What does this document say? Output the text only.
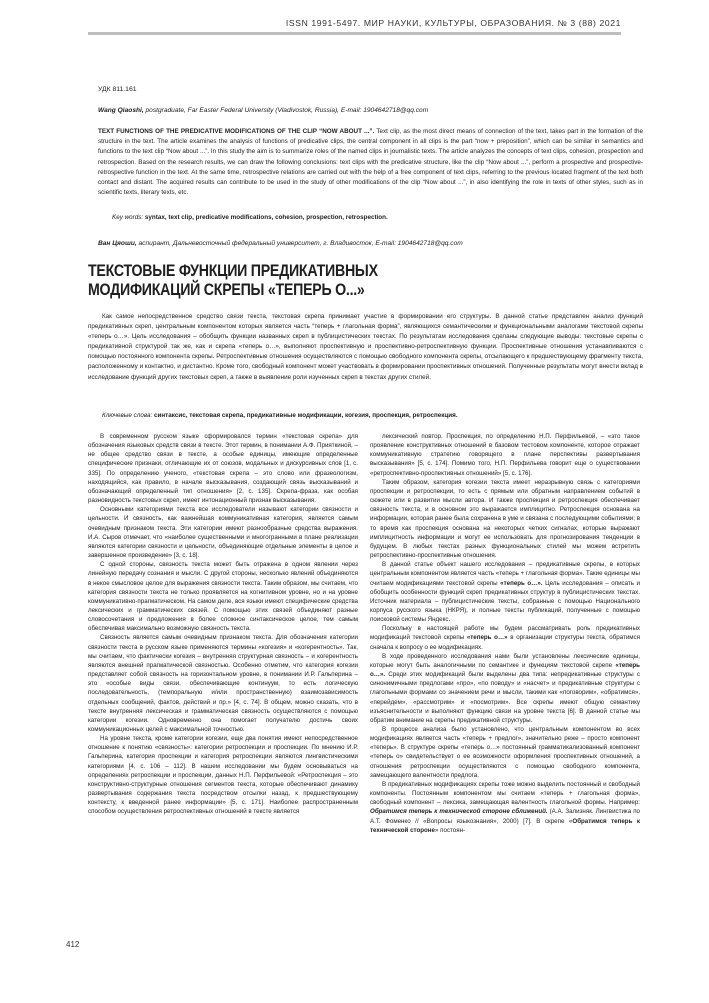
ISSN 1991-5497. МИР НАУКИ, КУЛЬТУРЫ, ОБРАЗОВАНИЯ. № 3 (88) 2021
УДК 811.161
Wang Qiaoshi, postgraduate, Far Easter Federal University (Vladivostok, Russia), E-mail: 1904642718@qq.com

TEXT FUNCTIONS OF THE PREDICATIVE MODIFICATIONS OF THE CLIP “NOW ABOUT ...”. Text clip, as the most direct means of connection of the text, takes part in the formation of the structure in the text. The article examines the analysis of functions of predicative clips, the central component in all clips is the part “now + preposition”, which can be similar in semantics and functions to the text clip “Now about ...”. In this study the aim is to summarize roles of the named clips in journalistic texts. The article analyzes the concepts of text clips, cohesion, prospection and retrospection. Based on the research results, we can draw the following conclusions: text clips with the predicative structure, like the clip “Now about ...”, perform a prospective and prospective-retrospective function in the text. At the same time, retrospective relations are carried out with the help of a free component of text clips, referring to the previous located fragment of the text both contact and distant. The acquired results can contribute to be used in the study of other modifications of the clip “Now about ...”, in also identifying the role in texts of other styles, such as in scientific texts, literary texts, etc.

Key words: syntax, text clip, predicative modifications, cohesion, prospection, retrospection.
Ван Цяоши, аспирант, Дальневосточный федеральный университет, г. Владивосток, E-mail: 1904642718@qq.com
ТЕКСТОВЫЕ ФУНКЦИИ ПРЕДИКАТИВНЫХ
МОДИФИКАЦИЙ СКРЕПЫ «ТЕПЕРЬ О...»

Как самое непосредственное средство связи текста, текстовая скрепа принимает участие в формировании его структуры. В данной статье представлен анализ функций предикативных скреп, центральным компонентом которых является часть “теперь + глагольная форма”, являющихся семантическими и функциональными аналогами текстовой скрепы «теперь о…». Цель исследования – обобщить функции названных скреп в публицистических текстах. По результатам исследования сделаны следующие выводы: текстовые скрепы с предикативной структурой так же, как и скрепа «теперь о…», выполняют проспективную и проспективно-ретроспективную функции. Проспективные отношения устанавливаются с помощью постоянного компонента скрепы. Ретроспективные отношения осуществляются с помощью свободного компонента скрепы, отсылающего к предшествующему фрагменту текста, расположенному и контактно, и дистантно. Кроме того, свободный компонент может участвовать в формировании проспективных отношений. Полученные результаты могут внести вклад в исследование функций других текстовых скреп, а также в выявление роли изученных скреп в текстах других стилей.

Ключевые слова: синтаксис, текстовая скрепа, предикативные модификации, когезия, проспекция, ретроспекция.

В современном русском языке сформировался термин «текстовая скрепа» для обозначения языковых средств связи в тексте. Этот термин, в понимании А.Ф. Прияткиной, – не общее средство связи в тексте, а особые единицы, имеющие определенные специфические признаки, отличающие их от союзов, модальных и дискурсивных слов [1, с. 335]. По определению ученого, «текстовая скрепа – это слово или фразеологизм, находящийся, как правило, в начале высказывания, создающий связь высказываний и обозначающий определенный тип отношения» [2, с. 135]. Скрепа-фраза, как особая разновидность текстовых скреп, имеет интонационный признак высказывания.

Основными категориями текста все исследователи называют категории связности и цельности. И связность, как важнейшая коммуникативная категория, является самым очевидным признаком текста. Эти категории имеют разнообразные средства выражения. И.А. Сыров отмечает, что «наиболее существенными и многогранными в плане реализации являются категории связности и цельности, объединяющие отдельные элементы в целое и завершенное произведение» [3, с. 18].

С одной стороны, связность текста может быть отражена в одном явлении через линейную передачу сознания и мысли. С другой стороны, несколько явлений объединяются в некое смысловое целое для выражения связности текста. Таким образом, мы считаем, что категория связности текста не только проявляется на когнитивном уровне, но и на уровне коммуникативно-прагматическом. На самом деле, вся языки имеют специфические средства лексических и грамматических связей. С помощью этих связей объединяют разные словосочетания и предложения в более сложное синтаксическое целое, тем самым обеспечивая максимально возможную связность текста.

Связность является самым очевидным признаком текста. Для обозначения категории связности текста в русском языке применяются термины «когезия» и «когерентность». Так, мы считаем, что фактически когезия – внутренняя структурная связность – и когерентность являются внешней прагматической связностью. Особенно отметим, что категория когезии представляет собой связность на горизонтальном уровне, в понимании И.Р. Гальперина – это «особые виды связи, обеспечивающие континуум, то есть логическую последовательность, (темпоральную и/или пространственную) взаимозависимость отдельных сообщений, фактов, действий и пр.» [4, с. 74]. В общем, можно сказать, что в тексте внутренняя лексическая и грамматическая связность осуществляются с помощью категории когезии. Одновременно она помогает получателю достичь своих коммуникационных целей с максимальной точностью.

На уровне текста, кроме категории когезии, еще два понятия имеют непосредственное отношение к понятию «связность»: категории ретроспекции и проспекции. По мнению И.Р. Гальперина, категория проспекции и категория ретроспекции являются лингвистическими категориями [4, с. 106 – 112]. В нашем исследовании мы будем основываться на определениях ретроспекции и проспекции, данных Н.П. Перфильевой: «Ретроспекция – это конструктивно-структурные отношения сегментов текста, которые обеспечивают динамику развертывания содержания текста посредством отсылки назад, к предшествующему контексту, к введенной ранее информации» [5, с. 171]. Наиболее распространенным способом осуществления ретроспективных отношений в тексте является

лексический повтор. Проспекция, по определению Н.П. Перфильевой, – «это такое проявление конструктивных отношений в базовом тестовом компоненте, которое отражает коммуникативную стратегию говорящего в плане перспективы развертывания высказывания» [5, с. 174]. Помимо того, Н.П. Перфильева говорит еще о существовании «ретроспективно-проспективных отношений» [5, с. 176].

Таким образом, категория когезии текста имеет неразрывную связь с категориями проспекции и ретроспекции, то есть с прямым или обратным направлением событий в сюжете или в развитии мысли автора. И также проспекция и ретроспекция обеспечивает связность текста, и в основном это выражается имплицитно. Ретроспекция основана на информации, которая ранее была сохранена в уме и связана с последующими событиями; в то время как проспекция основана на некоторых четких сигналах, которые выражают имплицитность информации и могут ее использовать для прогнозирования тенденции в будущем. В любых текстах разных функциональных стилей мы можем встретить ретроспективно-проспективные отношения.

В данной статье объект нашего исследования – предикативные скрепы, в которых центральным компонентом является часть «теперь + глагольная форма». Такие единицы мы считаем модификациями текстовой скрепы «теперь о…». Цель исследования – описать и обобщить особенности функций скреп предикативных структур в публицистических текстах. Источник материала – публицистические тексты, собранные с помощью Национального корпуса русского языка (НКРЯ), и полные тексты публикаций, полученные с помощью поисковой системы Яндекс.

Поскольку в настоящей работе мы будем рассматривать роль предикативных модификаций текстовой скрепы «теперь о…» в организации структуры текста, обратимся сначала к вопросу о ее модификациях.

В ходе проведенного исследования нами были установлены лексические единицы, которые могут быть аналогичными по семантике и функциям текстовой скрепе «теперь о…». Среди этих модификаций были выделены два типа: непредикативные структуры с синонимичными предлогами «про», «по поводу» и «насчет» и предикативные структуры с глагольными формами со значением речи и мысли, такими как «поговорим», «обратимся», «перейдем», «рассмотрим» и «посмотрим». Все скрепы имеют общую семантику изъяснительности и выполняют функцию связи на уровне текста [6]. В данной статье мы обратим внимание на скрепы предикативной структуры.

В процессе анализа было установлено, что центральным компонентом во всех модификациях является часть «теперь + предлог», значительно реже – просто компонент «теперь». В структуре скрепы «теперь о…» постоянный грамматикализованный компонент «теперь о» свидетельствует о ее возможности оформления проспективных отношений, а отношения ретроспекции осуществляются с помощью свободного компонента, замещающего валентности предлога.

В предикативных модификациях скрепы тоже можно выделить постоянный и свободный компоненты. Постоянным компонентом мы считаем «теперь + глагольная форма», свободный компонент – лексика, замещающая валентность глагольной формы. Например: Обратимся теперь к технической стороне сближений. (А.А. Зализняк. Лингвистика по А.Т. Фоменко // «Вопросы языкознания», 2000) [7]. В скрепе «Обратимся теперь к технической стороне» постоян-

412
